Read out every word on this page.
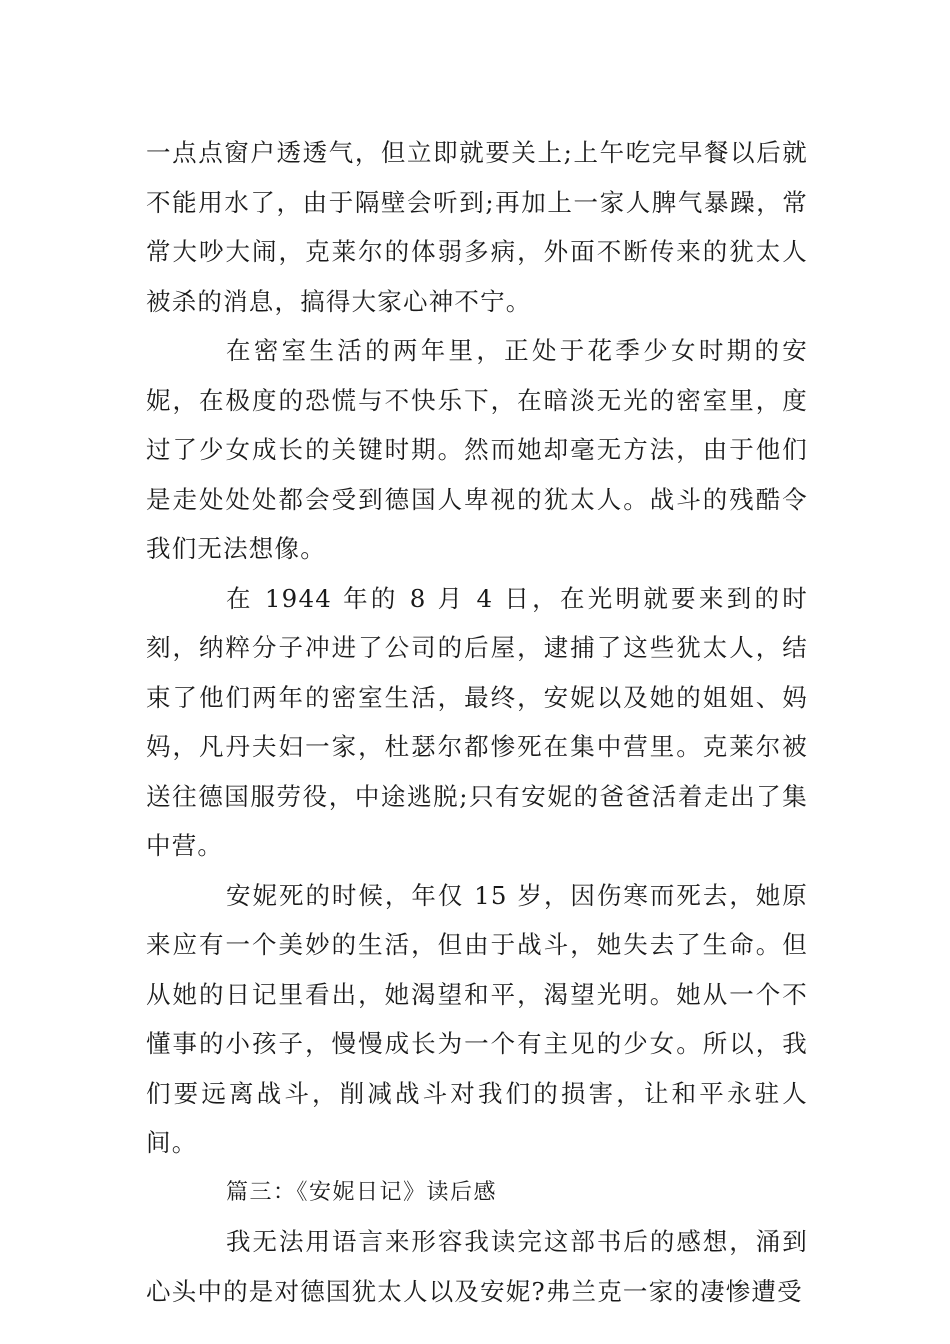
一点点窗户透透气，但立即就要关上;上午吃完早餐以后就不能用水了，由于隔壁会听到;再加上一家人脾气暴躁，常常大吵大闹，克莱尔的体弱多病，外面不断传来的犹太人被杀的消息，搞得大家心神不宁。

在密室生活的两年里，正处于花季少女时期的安妮，在极度的恐慌与不快乐下，在暗淡无光的密室里，度过了少女成长的关键时期。然而她却毫无方法，由于他们是走处处处都会受到德国人卑视的犹太人。战斗的残酷令我们无法想像。

在 1944 年的 8 月 4 日，在光明就要来到的时刻，纳粹分子冲进了公司的后屋，逮捕了这些犹太人，结束了他们两年的密室生活，最终，安妮以及她的姐姐、妈妈，凡丹夫妇一家，杜瑟尔都惨死在集中营里。克莱尔被送往德国服劳役，中途逃脱;只有安妮的爸爸活着走出了集中营。

安妮死的时候，年仅 15 岁，因伤寒而死去，她原来应有一个美妙的生活，但由于战斗，她失去了生命。但从她的日记里看出，她渴望和平，渴望光明。她从一个不懂事的小孩子，慢慢成长为一个有主见的少女。所以，我们要远离战斗，削减战斗对我们的损害，让和平永驻人间。

篇三：《安妮日记》读后感

我无法用语言来形容我读完这部书后的感想，涌到心头中的是对德国犹太人以及安妮?弗兰克一家的凄惨遭受
